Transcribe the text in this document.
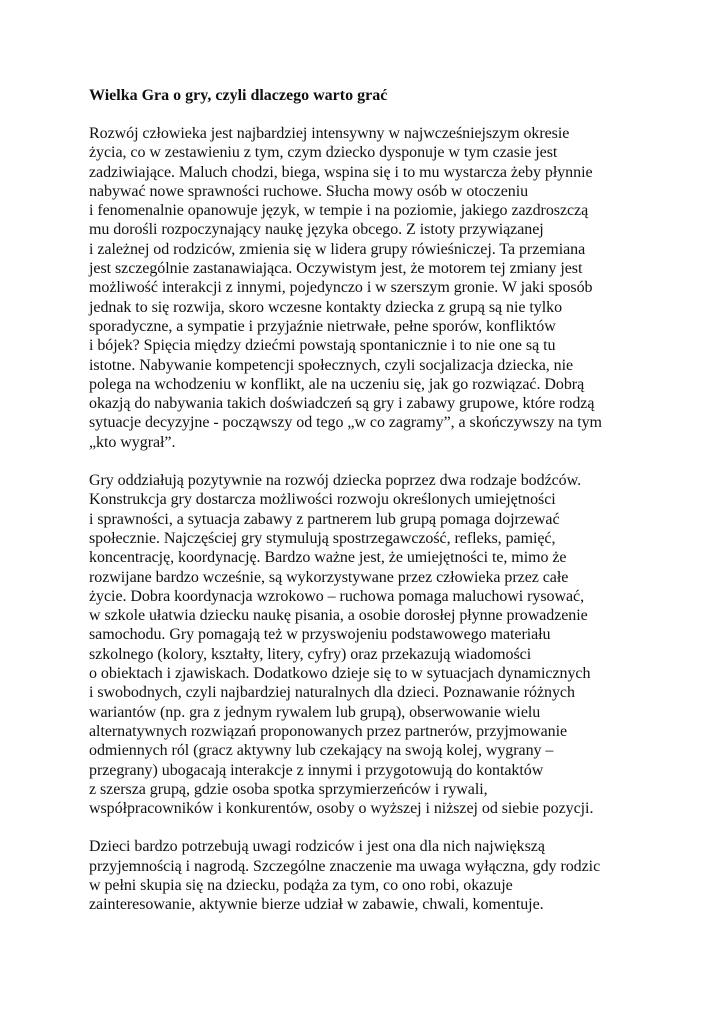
Wielka Gra o gry, czyli dlaczego warto grać
Rozwój człowieka jest najbardziej intensywny w najwcześniejszym okresie
życia, co w zestawieniu z tym, czym dziecko dysponuje w tym czasie jest
zadziwiające. Maluch chodzi, biega, wspina się i to mu wystarcza żeby płynnie
nabywać nowe sprawności ruchowe. Słucha mowy osób w otoczeniu
i fenomenalnie opanowuje język, w tempie i na poziomie, jakiego zazdroszczą
mu dorośli rozpoczynający naukę języka obcego. Z istoty przywiązanej
i zależnej od rodziców, zmienia się w lidera grupy rówieśniczej. Ta przemiana
jest szczególnie zastanawiająca. Oczywistym jest, że motorem tej zmiany jest
możliwość interakcji z innymi, pojedynczo i w szerszym gronie. W jaki sposób
jednak to się rozwija, skoro wczesne kontakty dziecka z grupą są nie tylko
sporadyczne, a sympatie i przyjaźnie nietrwałe, pełne sporów, konfliktów
i bójek? Spięcia między dziećmi powstają spontanicznie i to nie one są tu
istotne. Nabywanie kompetencji społecznych, czyli socjalizacja dziecka, nie
polega na wchodzeniu w konflikt, ale na uczeniu się, jak go rozwiązać. Dobrą
okazją do nabywania takich doświadczeń są gry i zabawy grupowe, które rodzą
sytuacje decyzyjne - począwszy od tego „w co zagramy”, a skończywszy na tym
„kto wygrał”.
Gry oddziałują pozytywnie na rozwój dziecka poprzez dwa rodzaje bodźców.
Konstrukcja gry dostarcza możliwości rozwoju określonych umiejętności
i sprawności, a sytuacja zabawy z partnerem lub grupą pomaga dojrzewać
społecznie. Najczęściej gry stymulują spostrzegawczość, refleks, pamięć,
koncentrację, koordynację. Bardzo ważne jest, że umiejętności te, mimo że
rozwijane bardzo wcześnie, są wykorzystywane przez człowieka przez całe
życie. Dobra koordynacja wzrokowo – ruchowa pomaga maluchowi rysować,
w szkole ułatwia dziecku naukę pisania, a osobie dorosłej płynne prowadzenie
samochodu. Gry pomagają też w przyswojeniu podstawowego materiału
szkolnego (kolory, kształty, litery, cyfry) oraz przekazują wiadomości
o obiektach i zjawiskach. Dodatkowo dzieje się to w sytuacjach dynamicznych
i swobodnych, czyli najbardziej naturalnych dla dzieci. Poznawanie różnych
wariantów (np. gra z jednym rywalem lub grupą), obserwowanie wielu
alternatywnych rozwiązań proponowanych przez partnerów, przyjmowanie
odmiennych ról (gracz aktywny lub czekający na swoją kolej, wygrany –
przegrany) ubogacają interakcje z innymi i przygotowują do kontaktów
z szersza grupą, gdzie osoba spotka sprzymierzeńców i rywali,
współpracowników i konkurentów, osoby o wyższej i niższej od siebie pozycji.
Dzieci bardzo potrzebują uwagi rodziców i jest ona dla nich największą
przyjemnością i nagrodą. Szczególne znaczenie ma uwaga wyłączna, gdy rodzic
w pełni skupia się na dziecku, podąża za tym, co ono robi, okazuje
zainteresowanie, aktywnie bierze udział w zabawie, chwali, komentuje.
